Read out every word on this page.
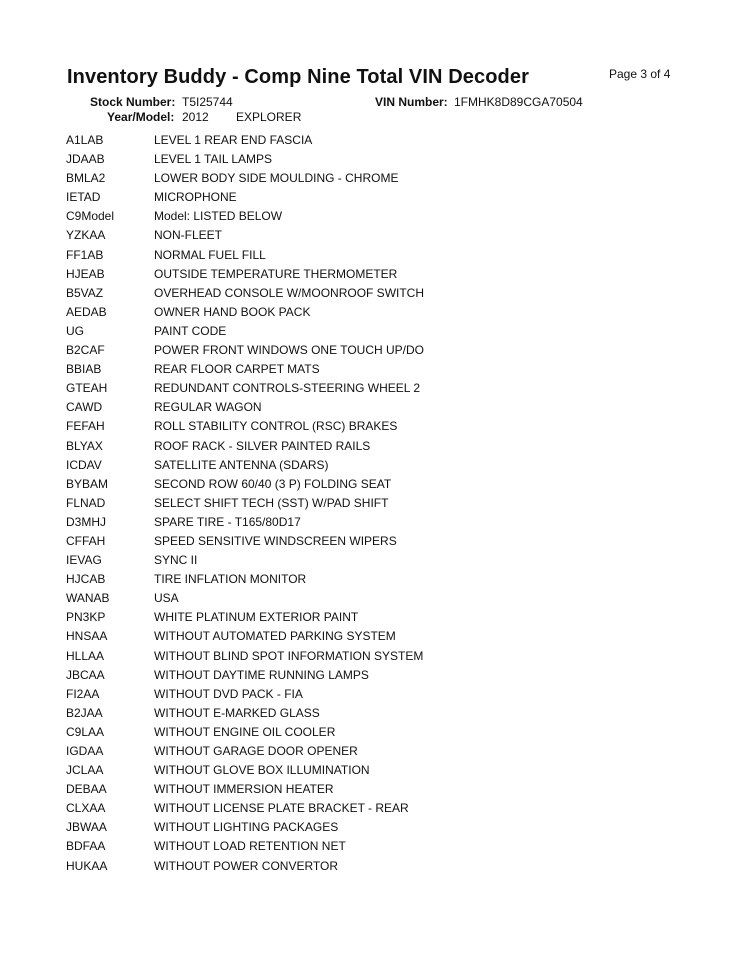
Inventory Buddy - Comp Nine Total VIN Decoder	Page 3 of 4
Stock Number: T5I25744	VIN Number: 1FMHK8D89CGA70504
Year/Model: 2012 EXPLORER
A1LAB	LEVEL 1 REAR END FASCIA
JDAAB	LEVEL 1 TAIL LAMPS
BMLA2	LOWER BODY SIDE MOULDING - CHROME
IETAD	MICROPHONE
C9Model	Model: LISTED BELOW
YZKAA	NON-FLEET
FF1AB	NORMAL FUEL FILL
HJEAB	OUTSIDE TEMPERATURE THERMOMETER
B5VAZ	OVERHEAD CONSOLE W/MOONROOF SWITCH
AEDAB	OWNER HAND BOOK PACK
UG	PAINT CODE
B2CAF	POWER FRONT WINDOWS ONE TOUCH UP/DO
BBIAB	REAR FLOOR CARPET MATS
GTEAH	REDUNDANT CONTROLS-STEERING WHEEL 2
CAWD	REGULAR WAGON
FEFAH	ROLL STABILITY CONTROL (RSC) BRAKES
BLYAX	ROOF RACK - SILVER PAINTED RAILS
ICDAV	SATELLITE ANTENNA (SDARS)
BYBAM	SECOND ROW 60/40 (3 P) FOLDING SEAT
FLNAD	SELECT SHIFT TECH (SST) W/PAD SHIFT
D3MHJ	SPARE TIRE - T165/80D17
CFFAH	SPEED SENSITIVE WINDSCREEN WIPERS
IEVAG	SYNC II
HJCAB	TIRE INFLATION MONITOR
WANAB	USA
PN3KP	WHITE PLATINUM EXTERIOR PAINT
HNSAA	WITHOUT AUTOMATED PARKING SYSTEM
HLLAA	WITHOUT BLIND SPOT INFORMATION SYSTEM
JBCAA	WITHOUT DAYTIME RUNNING LAMPS
FI2AA	WITHOUT DVD PACK - FIA
B2JAA	WITHOUT E-MARKED GLASS
C9LAA	WITHOUT ENGINE OIL COOLER
IGDAA	WITHOUT GARAGE DOOR OPENER
JCLAA	WITHOUT GLOVE BOX ILLUMINATION
DEBAA	WITHOUT IMMERSION HEATER
CLXAA	WITHOUT LICENSE PLATE BRACKET - REAR
JBWAA	WITHOUT LIGHTING PACKAGES
BDFAA	WITHOUT LOAD RETENTION NET
HUKAA	WITHOUT POWER CONVERTOR
